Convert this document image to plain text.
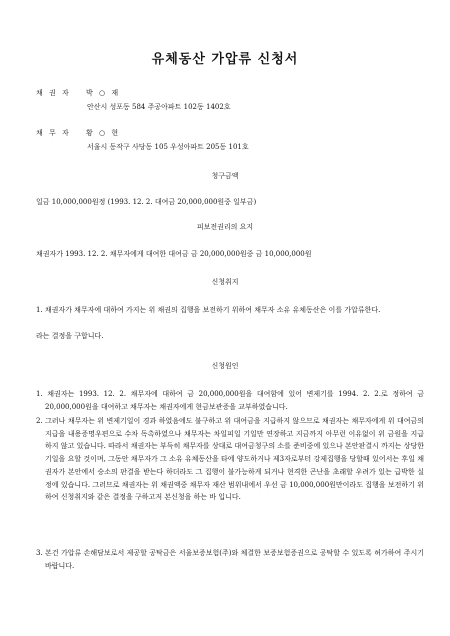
유체동산 가압류 신청서
채 권 자 박 ○ 재
안산시 성포동 584 주공아파트 102동 1402호
채 무 자 황 ○ 현
서울시 동작구 사당동 105 우성아파트 205동 101호
청구금액
일금 10,000,000원정 (1993. 12. 2. 대여금 20,000,000원중 일부금)
피보전권리의 요지
채권자가 1993. 12. 2. 채무자에게 대여한 대여금 금 20,000,000원중 금 10,000,000원
신청취지
1. 채권자가 채무자에 대하여 가지는 위 채권의 집행을 보전하기 위하여 채무자 소유 유체동산은 이를 가압류한다.
라는 결정을 구합니다.
신청원인
1. 채권자는 1993. 12. 2. 채무자에 대하여 금 20,000,000원을 대여함에 있어 변제기를 1994. 2. 2.로 정하여 금 20,000,000원을 대여하고 채무자는 채권자에게 현금보관증을 교부하였습니다.
2. 그러나 채무자는 위 변제기일이 경과 하였음에도 불구하고 위 대여금을 지급하지 않으므로 채권자는 채무자에게 위 대여금의 지급을 내용증명우편으로 수차 독촉하였으나 채무자는 차일피일 기일만 연장하고 지금까지 아무런 이유없이 위 금원을 지급하지 않고 있습니다. 따라서 채권자는 부득히 채무자를 상대로 대여금청구의 소를 준비중에 있으나 본안판결시 까지는 상당한기일을 요할 것이며, 그동안 채무자가 그 소유 유체동산을 타에 양도하거나 제3자로부터 강제집행을 당할때 있어서는 후일 채권자가 본안에서 승소의 판결을 받는다 하더라도 그 집행이 불가능하게 되거나 현격한 곤난을 초래할 우려가 있는 급박한 실정에 있습니다. 그러므로 채권자는 위 채권액중 채무자 재산 범위내에서 우선 금 10,000,000원만이라도 집행을 보전하기 위하여 신청취지와 같은 결정을 구하고저 본신청을 하는 바 입니다.
3. 본건 가압류 손해담보로서 제공할 공탁금은 서울보증보험(주)와 체결한 보증보험증권으로 공탁할 수 있도록 허가하여 주시기 바랍니다.
